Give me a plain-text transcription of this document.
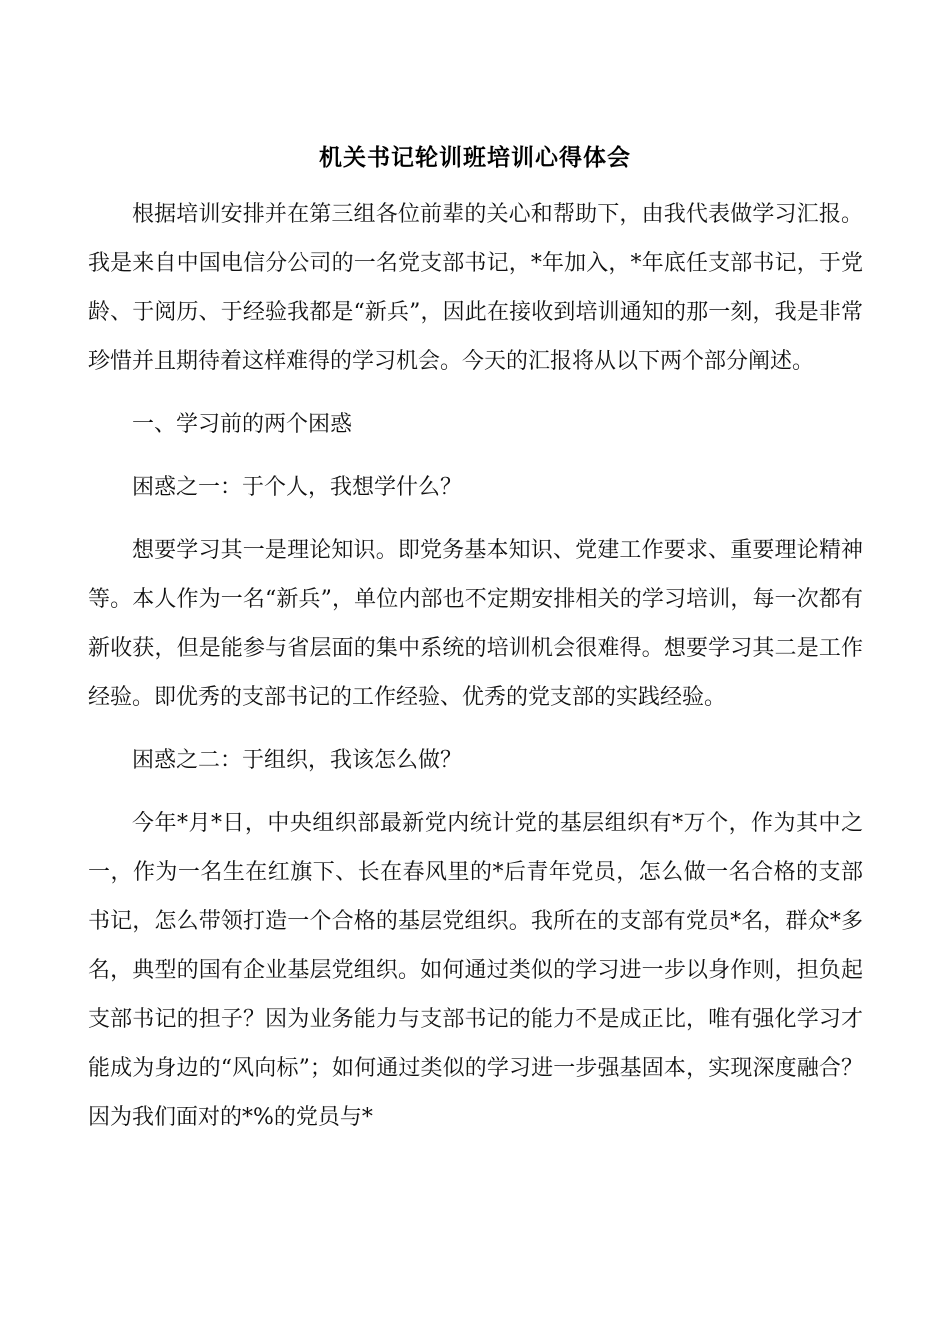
机关书记轮训班培训心得体会

根据培训安排并在第三组各位前辈的关心和帮助下，由我代表做学习汇报。我是来自中国电信分公司的一名党支部书记，*年加入，*年底任支部书记，于党龄、于阅历、于经验我都是“新兵”，因此在接收到培训通知的那一刻，我是非常珍惜并且期待着这样难得的学习机会。今天的汇报将从以下两个部分阐述。

一、学习前的两个困惑

困惑之一：于个人，我想学什么？

想要学习其一是理论知识。即党务基本知识、党建工作要求、重要理论精神等。本人作为一名“新兵”，单位内部也不定期安排相关的学习培训，每一次都有新收获，但是能参与省层面的集中系统的培训机会很难得。想要学习其二是工作经验。即优秀的支部书记的工作经验、优秀的党支部的实践经验。

困惑之二：于组织，我该怎么做？

今年*月*日，中央组织部最新党内统计党的基层组织有*万个，作为其中之一，作为一名生在红旗下、长在春风里的*后青年党员，怎么做一名合格的支部书记，怎么带领打造一个合格的基层党组织。我所在的支部有党员*名，群众*多名，典型的国有企业基层党组织。如何通过类似的学习进一步以身作则，担负起支部书记的担子？因为业务能力与支部书记的能力不是成正比，唯有强化学习才能成为身边的“风向标”；如何通过类似的学习进一步强基固本，实现深度融合？因为我们面对的*%的党员与*
